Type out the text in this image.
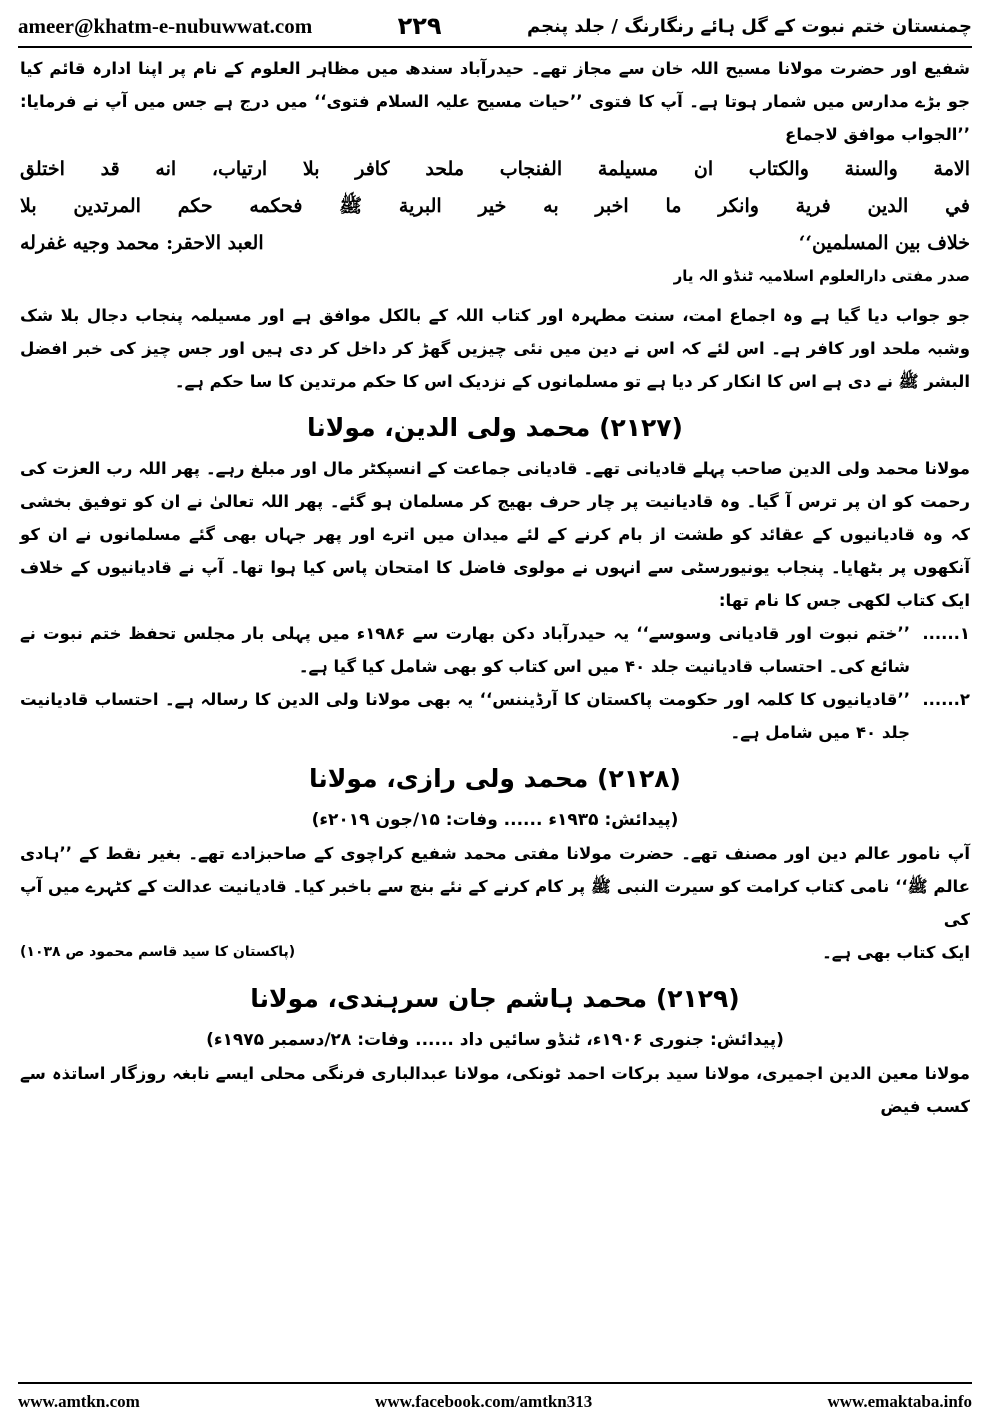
ameer@khatm-e-nubuwwat.com	۲۲۹	چمنستان ختم نبوت کے گل ہائے رنگارنگ / جلد پنجم

شفیع اور حضرت مولانا مسیح اللہ خان سے مجاز تھے۔ حیدرآباد سندھ میں مظاہر العلوم کے نام پر اپنا ادارہ قائم کیا جو بڑے مدارس میں شمار ہوتا ہے۔ آپ کا فتوی ’’حیات مسیح علیہ السلام فتوی‘‘ میں درج ہے جس میں آپ نے فرمایا: ’’الجواب موافق لاجماع

الامة والسنة والكتاب ان مسيلمة الفنجاب ملحد كافر بلا ارتياب، انه قد اختلق

في الدين فرية وانكر ما اخبر به خير البرية ﷺ فحكمه حكم المرتدين بلا

خلاف بين المسلمين‘‘
العبد الاحقر: محمد وجيه غفرله

صدر مفتی دارالعلوم اسلامیہ ٹنڈو الہ یار

جو جواب دیا گیا ہے وہ اجماع امت، سنت مطہرہ اور کتاب اللہ کے بالکل موافق ہے اور مسیلمہ پنجاب دجال بلا شک وشبہ ملحد اور کافر ہے۔ اس لئے کہ اس نے دین میں نئی چیزیں گھڑ کر داخل کر دی ہیں اور جس چیز کی خبر افضل البشر ﷺ نے دی ہے اس کا انکار کر دیا ہے تو مسلمانوں کے نزدیک اس کا حکم مرتدین کا سا حکم ہے۔

(۲۱۲۷) محمد ولی الدین، مولانا

مولانا محمد ولی الدین صاحب پہلے قادیانی تھے۔ قادیانی جماعت کے انسپکٹر مال اور مبلغ رہے۔ پھر اللہ رب العزت کی رحمت کو ان پر ترس آ گیا۔ وہ قادیانیت پر چار حرف بھیج کر مسلمان ہو گئے۔ پھر اللہ تعالیٰ نے ان کو توفیق بخشی کہ وہ قادیانیوں کے عقائد کو طشت از بام کرنے کے لئے میدان میں اترے اور پھر جہاں بھی گئے مسلمانوں نے ان کو آنکھوں پر بٹھایا۔ پنجاب یونیورسٹی سے انہوں نے مولوی فاضل کا امتحان پاس کیا ہوا تھا۔ آپ نے قادیانیوں کے خلاف ایک کتاب لکھی جس کا نام تھا:

۱......
’’ختم نبوت اور قادیانی وسوسے‘‘ یہ حیدرآباد دکن بھارت سے ۱۹۸۶ء میں پہلی بار مجلس تحفظ ختم نبوت نے شائع کی۔ احتساب قادیانیت جلد ۴۰ میں اس کتاب کو بھی شامل کیا گیا ہے۔
۲......
’’قادیانیوں کا کلمہ اور حکومت پاکستان کا آرڈیننس‘‘ یہ بھی مولانا ولی الدین کا رسالہ ہے۔ احتساب قادیانیت جلد ۴۰ میں شامل ہے۔
(۲۱۲۸) محمد ولی رازی، مولانا

(پیدائش: ۱۹۳۵ء ...... وفات: ۱۵/جون ۲۰۱۹ء)

آپ نامور عالم دین اور مصنف تھے۔ حضرت مولانا مفتی محمد شفیع کراچوی کے صاحبزادے تھے۔ بغیر نقط کے ’’ہادی عالم ﷺ‘‘ نامی کتاب کرامت کو سیرت النبی ﷺ پر کام کرنے کے نئے بنچ سے باخبر کیا۔ قادیانیت عدالت کے کٹہرے میں آپ کی

ایک کتاب بھی ہے۔
(پاکستان کا سید قاسم محمود ص ۱۰۳۸)
(۲۱۲۹) محمد ہاشم جان سرہندی، مولانا

(پیدائش: جنوری ۱۹۰۶ء، ٹنڈو سائیں داد ...... وفات: ۲۸/دسمبر ۱۹۷۵ء)

مولانا معین الدین اجمیری، مولانا سید برکات احمد ٹونکی، مولانا عبدالباری فرنگی محلی ایسے نابغہ روزگار اساتذہ سے کسب فیض

www.amtkn.com	www.facebook.com/amtkn313	www.emaktaba.info
